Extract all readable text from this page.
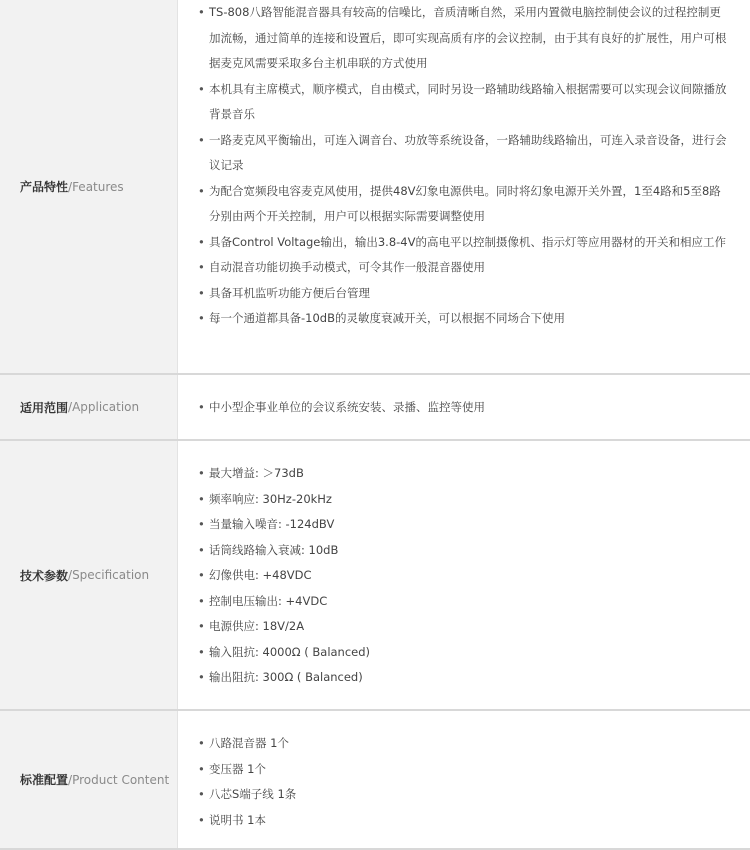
产品特性 / Features
• TS-808八路智能混音器具有较高的信噪比，音质清晰自然，采用内置微电脑控制使会议的过程控制更加流畅，通过简单的连接和设置后，即可实现高质有序的会议控制，由于其有良好的扩展性，用户可根据麦克风需要采取多台主机串联的方式使用
• 本机具有主席模式，顺序模式，自由模式，同时另设一路辅助线路输入根据需要可以实现会议间隙播放背景音乐
• 一路麦克风平衡输出，可连入调音台、功放等系统设备，一路辅助线路输出，可连入录音设备，进行会议记录
• 为配合宽频段电容麦克风使用，提供48V幻象电源供电。同时将幻象电源开关外置，1至4路和5至8路分别由两个开关控制，用户可以根据实际需要调整使用
• 具备Control Voltage输出，输出3.8-4V的高电平以控制摄像机、指示灯等应用器材的开关和相应工作
• 自动混音功能切换手动模式，可令其作一般混音器使用
• 具备耳机监听功能方便后台管理
• 每一个通道都具备-10dB的灵敏度衰减开关，可以根据不同场合下使用
适用范围 / Application
•	中小型企事业单位的会议系统安装、录播、监控等使用
技术参数 / Specification
• 最大增益: ＞73dB
• 频率响应: 30Hz-20kHz
• 当量输入噪音: -124dBV
• 话筒线路输入衰减: 10dB
• 幻像供电: +48VDC
• 控制电压输出: +4VDC
• 电源供应: 18V/2A
• 输入阻抗: 4000Ω ( Balanced)
• 输出阻抗: 300Ω ( Balanced)
标准配置 / Product Content
• 八路混音器 1个
• 变压器 1个
• 八芯S端子线 1条
• 说明书 1本
